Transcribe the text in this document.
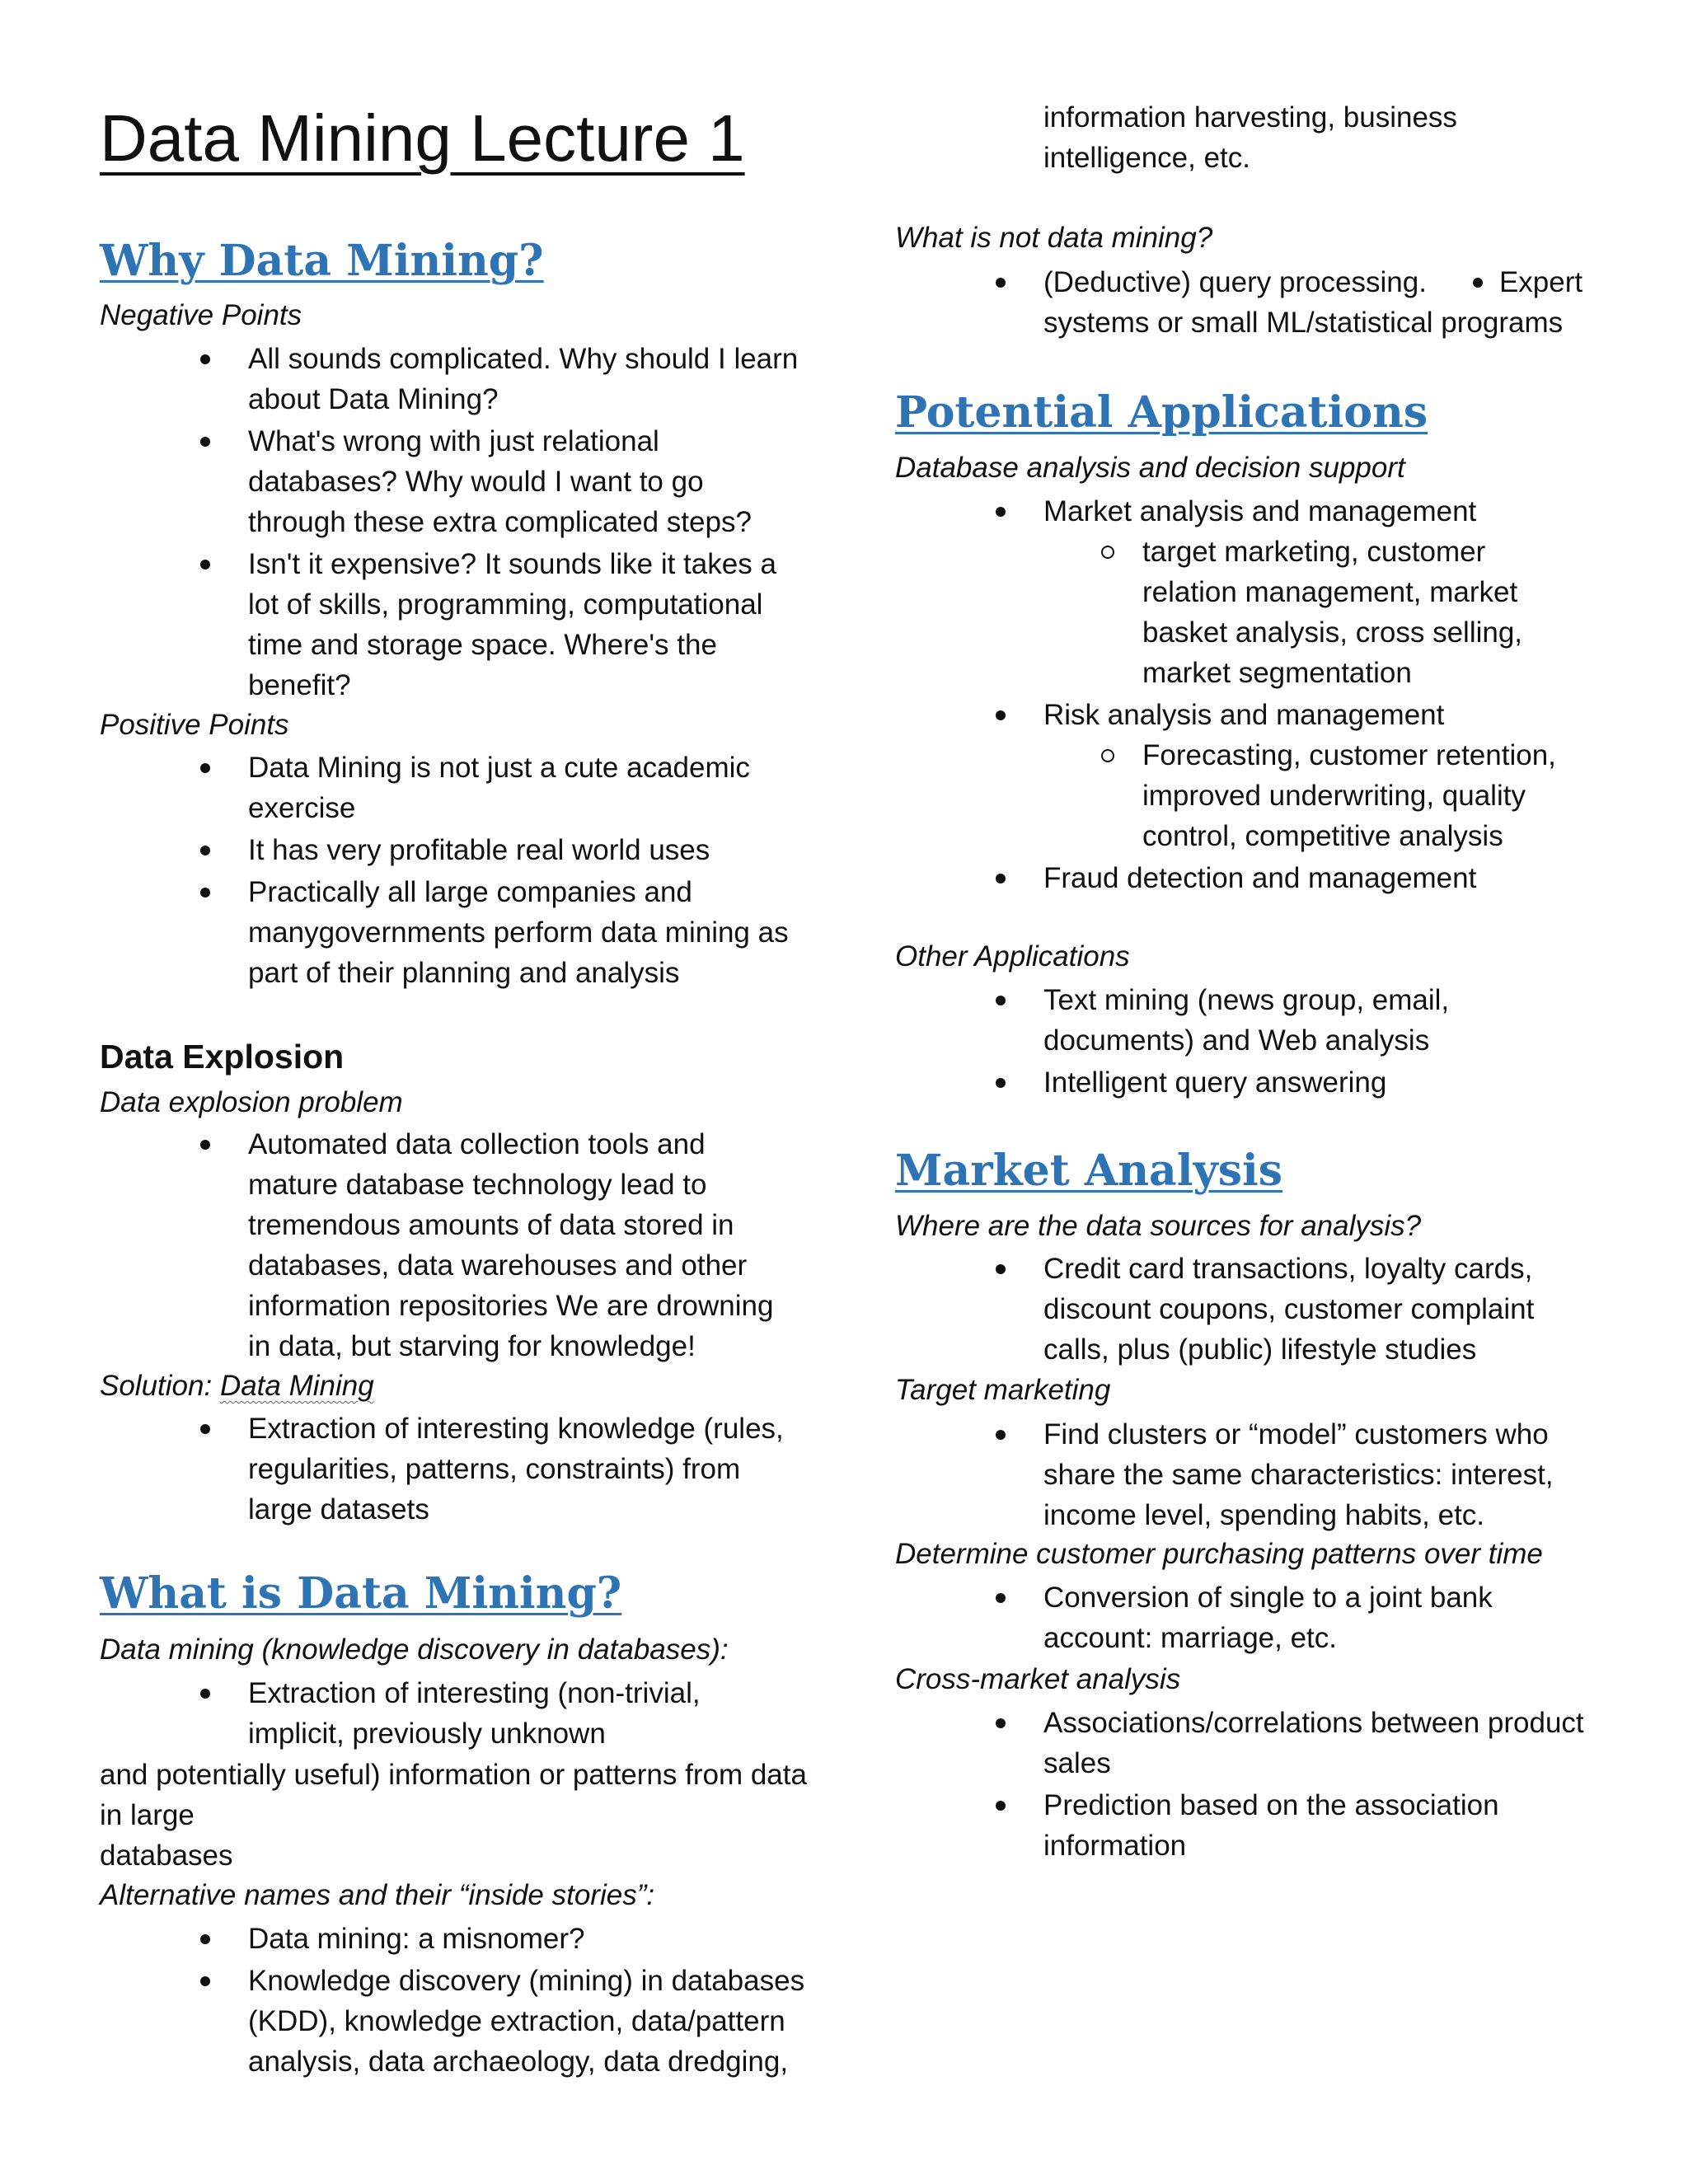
Data Mining Lecture 1
Why Data Mining?
Negative Points
All sounds complicated. Why should I learn about Data Mining?
What's wrong with just relational databases? Why would I want to go through these extra complicated steps?
Isn't it expensive? It sounds like it takes a lot of skills, programming, computational time and storage space. Where's the benefit?
Positive Points
Data Mining is not just a cute academic exercise
It has very profitable real world uses
Practically all large companies and manygovernments perform data mining as part of their planning and analysis
Data Explosion
Data explosion problem
Automated data collection tools and mature database technology lead to tremendous amounts of data stored in databases, data warehouses and other information repositories We are drowning in data, but starving for knowledge!
Solution: Data Mining
Extraction of interesting knowledge (rules, regularities, patterns, constraints) from large datasets
What is Data Mining?
Data mining (knowledge discovery in databases):
Extraction of interesting (non-trivial, implicit, previously unknown

and potentially useful) information or patterns from data in large

databases

Alternative names and their “inside stories”:
Data mining: a misnomer?
Knowledge discovery (mining) in databases (KDD), knowledge extraction, data/pattern analysis, data archaeology, data dredging,

information harvesting, business intelligence, etc.

What is not data mining?
(Deductive) query processing.	Expert systems or small ML/statistical programs
Potential Applications
Database analysis and decision support
Market analysis and management
target marketing, customer relation management, market basket analysis, cross selling, market segmentation
Risk analysis and management
Forecasting, customer retention, improved underwriting, quality control, competitive analysis
Fraud detection and management
Other Applications
Text mining (news group, email, documents) and Web analysis
Intelligent query answering
Market Analysis
Where are the data sources for analysis?
Credit card transactions, loyalty cards, discount coupons, customer complaint calls, plus (public) lifestyle studies
Target marketing
Find clusters or “model” customers who share the same characteristics: interest, income level, spending habits, etc.
Determine customer purchasing patterns over time
Conversion of single to a joint bank account: marriage, etc.
Cross-market analysis
Associations/correlations between product sales
Prediction based on the association information
